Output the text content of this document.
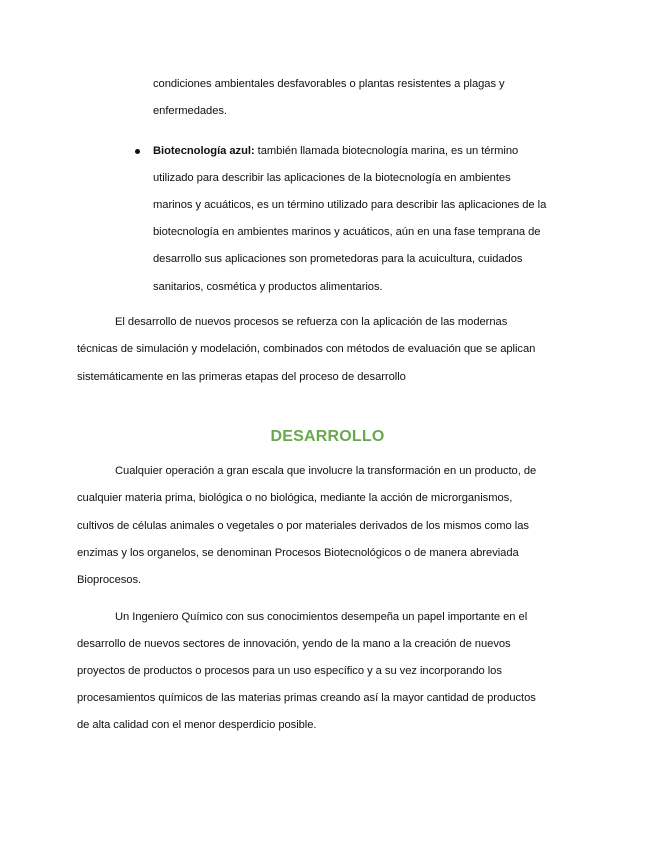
condiciones ambientales desfavorables o plantas resistentes a plagas y
enfermedades.
Biotecnología azul: también llamada biotecnología marina, es un término
utilizado para describir las aplicaciones de la biotecnología en ambientes
marinos y acuáticos, es un término utilizado para describir las aplicaciones de la
biotecnología en ambientes marinos y acuáticos, aún en una fase temprana de
desarrollo sus aplicaciones son prometedoras para la acuicultura, cuidados
sanitarios, cosmética y productos alimentarios.
El desarrollo de nuevos procesos se refuerza con la aplicación de las modernas
técnicas de simulación y modelación, combinados con métodos de evaluación que se aplican
sistemáticamente en las primeras etapas del proceso de desarrollo
DESARROLLO
Cualquier operación a gran escala que involucre la transformación en un producto, de
cualquier materia prima, biológica o no biológica, mediante la acción de microrganismos,
cultivos de células animales o vegetales o por materiales derivados de los mismos como las
enzimas y los organelos, se denominan Procesos Biotecnológicos o de manera abreviada
Bioprocesos.
Un Ingeniero Químico con sus conocimientos desempeña un papel importante en el
desarrollo de nuevos sectores de innovación, yendo de la mano a la creación de nuevos
proyectos de productos o procesos para un uso específico y a su vez incorporando los
procesamientos químicos de las materias primas creando así la mayor cantidad de productos
de alta calidad con el menor desperdicio posible.
